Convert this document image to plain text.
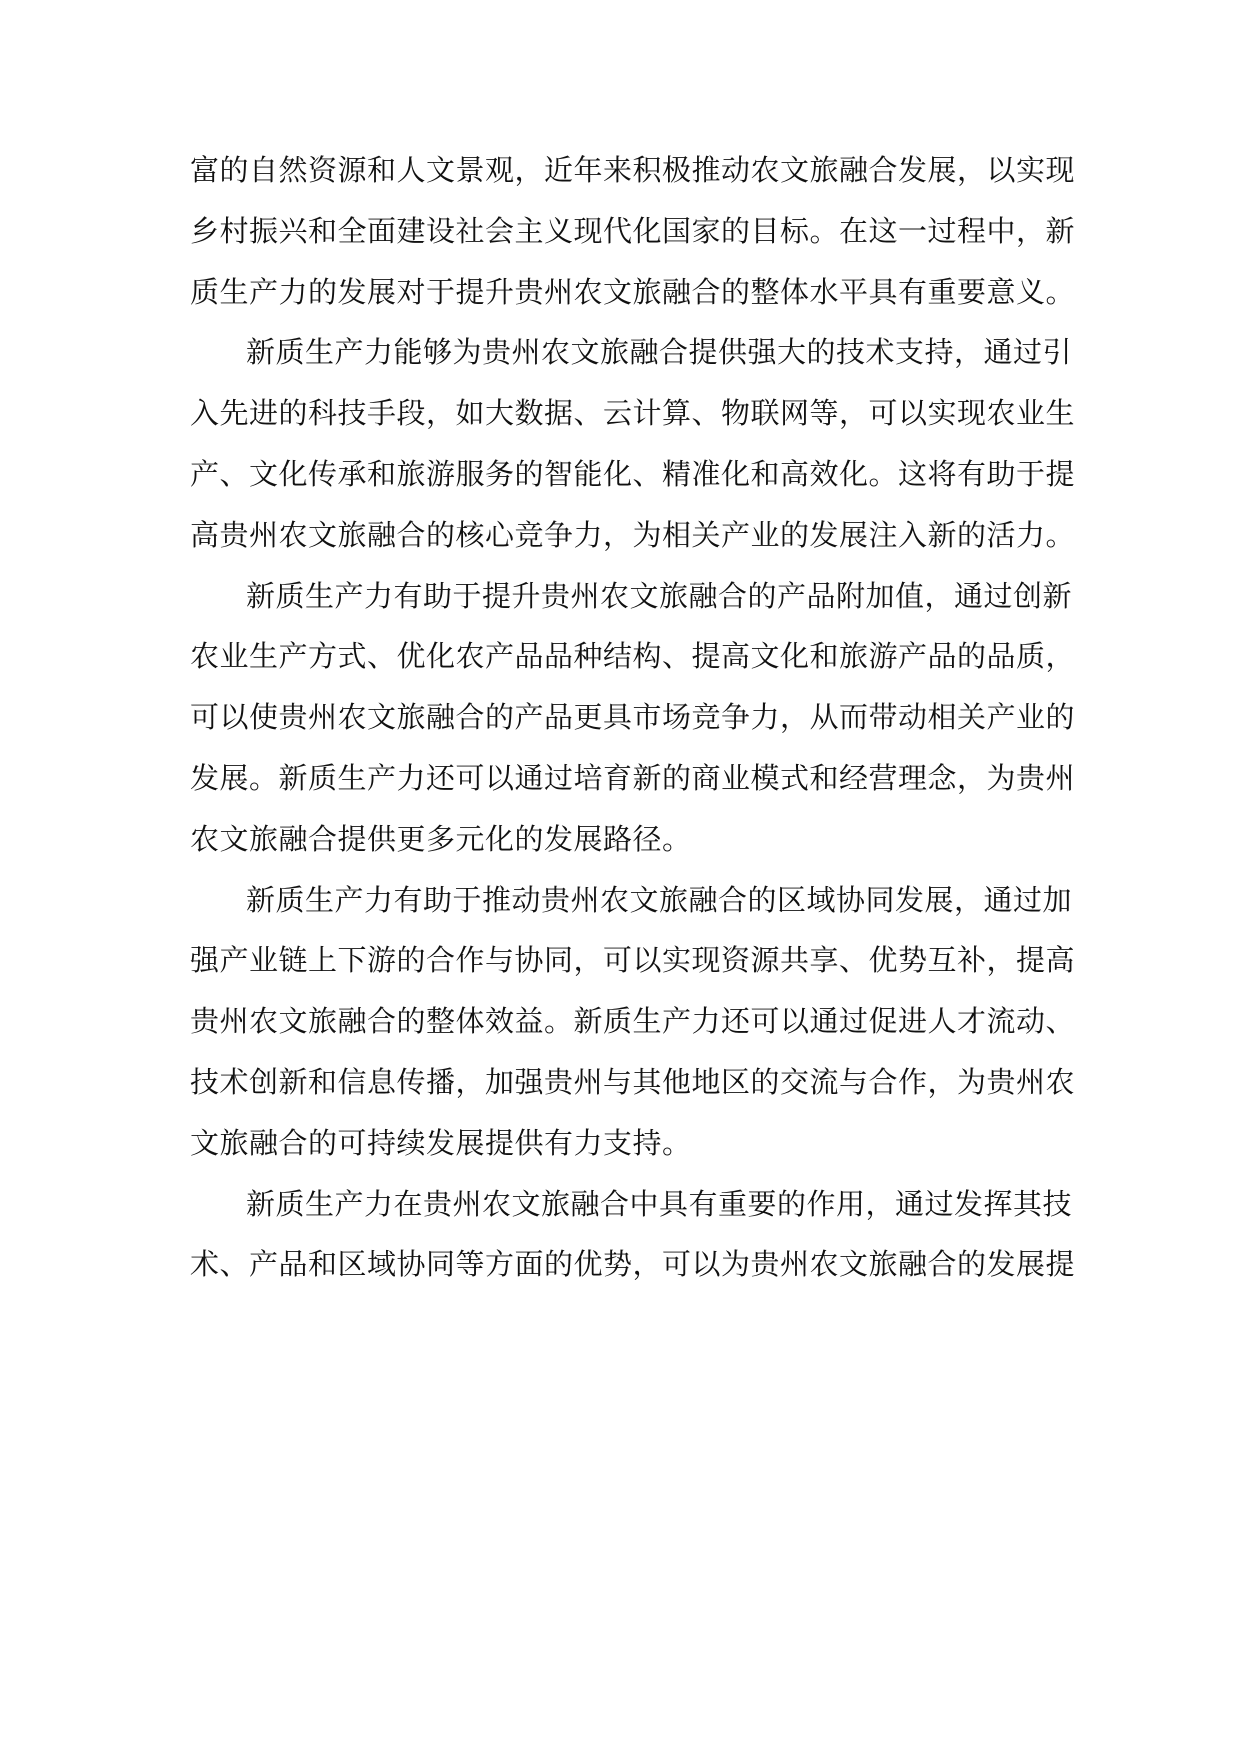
富的自然资源和人文景观，近年来积极推动农文旅融合发展，以实现
乡村振兴和全面建设社会主义现代化国家的目标。在这一过程中，新
质生产力的发展对于提升贵州农文旅融合的整体水平具有重要意义。
新质生产力能够为贵州农文旅融合提供强大的技术支持，通过引
入先进的科技手段，如大数据、云计算、物联网等，可以实现农业生
产、文化传承和旅游服务的智能化、精准化和高效化。这将有助于提
高贵州农文旅融合的核心竞争力，为相关产业的发展注入新的活力。
新质生产力有助于提升贵州农文旅融合的产品附加值，通过创新
农业生产方式、优化农产品品种结构、提高文化和旅游产品的品质，
可以使贵州农文旅融合的产品更具市场竞争力，从而带动相关产业的
发展。新质生产力还可以通过培育新的商业模式和经营理念，为贵州
农文旅融合提供更多元化的发展路径。
新质生产力有助于推动贵州农文旅融合的区域协同发展，通过加
强产业链上下游的合作与协同，可以实现资源共享、优势互补，提高
贵州农文旅融合的整体效益。新质生产力还可以通过促进人才流动、
技术创新和信息传播，加强贵州与其他地区的交流与合作，为贵州农
文旅融合的可持续发展提供有力支持。
新质生产力在贵州农文旅融合中具有重要的作用，通过发挥其技
术、产品和区域协同等方面的优势，可以为贵州农文旅融合的发展提
